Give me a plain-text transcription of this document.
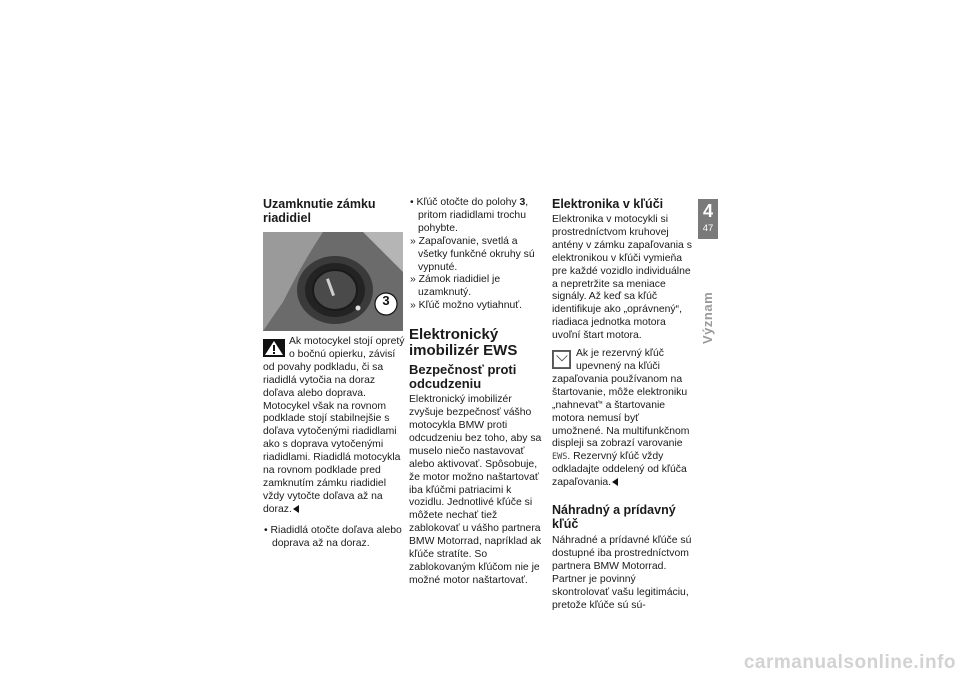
Uzamknutie zámku riadidiel
3

Ak motocykel stojí opretý o bočnú opierku, závisí od povahy podkladu, či sa riadidlá vytočia na doraz doľava alebo doprava. Motocykel však na rovnom podklade stojí stabilnejšie s doľava vytočenými riadidlami ako s doprava vytočenými riadidlami. Riadidlá motocykla na rovnom podklade pred zamknutím zámku riadidiel vždy vytočte doľava až na doraz.

• Riadidlá otočte doľava alebo doprava až na doraz.

• Kľúč otočte do polohy 3, pritom riadidlami trochu pohybte.

» Zapaľovanie, svetlá a všetky funkčné okruhy sú vypnuté.

» Zámok riadidiel je uzamknutý.

» Kľúč možno vytiahnuť.

Elektronický imobilizér EWS
Bezpečnosť proti odcudzeniu

Elektronický imobilizér zvyšuje bezpečnosť vášho motocykla BMW proti odcudzeniu bez toho, aby sa muselo niečo nastavovať alebo aktivovať. Spôsobuje, že motor možno naštartovať iba kľúčmi patriacimi k vozidlu. Jednotlivé kľúče si môžete nechať tiež zablokovať u vášho partnera BMW Motorrad, napríklad ak kľúče stratíte. So zablokovaným kľúčom nie je možné motor naštartovať.

Elektronika v kľúči

Elektronika v motocykli si prostredníctvom kruhovej antény v zámku zapaľovania s elektronikou v kľúči vymieňa pre každé vozidlo individuálne a nepretržite sa meniace signály. Až keď sa kľúč identifikuje ako „oprávnený“, riadiaca jednotka motora uvoľní štart motora.

Ak je rezervný kľúč upevnený na kľúči zapaľovania používanom na štartovanie, môže elektroniku „nahnevať“ a štartovanie motora nemusí byť umožnené. Na multifunkčnom displeji sa zobrazí varovanie EWS. Rezervný kľúč vždy odkladajte oddelený od kľúča zapaľovania.

Náhradný a prídavný kľúč

Náhradné a prídavné kľúče sú dostupné iba prostredníctvom partnera BMW Motorrad. Partner je povinný skontrolovať vašu legitimáciu, pretože kľúče sú sú-

4
47
Význam
carmanualsonline.info
